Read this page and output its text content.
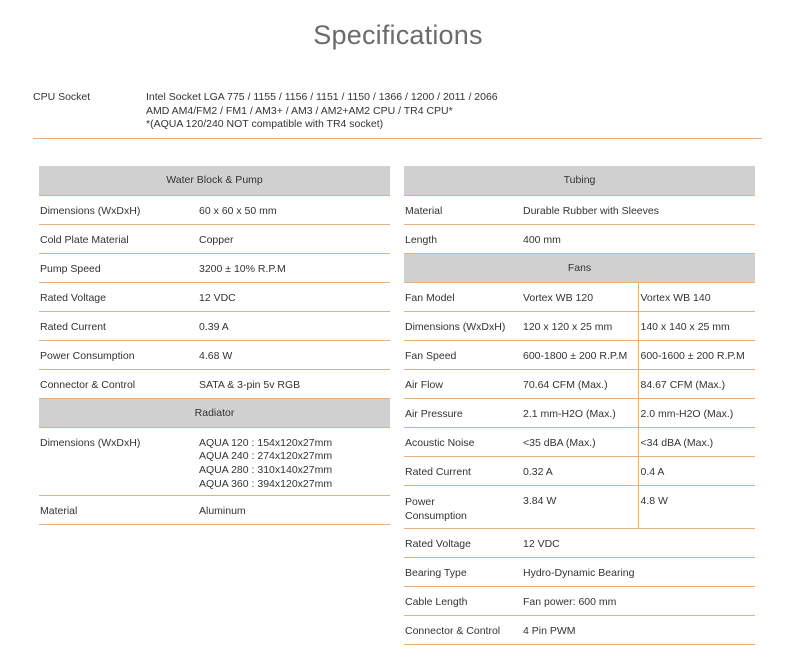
Specifications
CPU Socket	Intel Socket LGA 775 / 1155 / 1156 / 1151 / 1150 / 1366 / 1200 / 2011 / 2066
AMD AM4/FM2 / FM1 / AM3+ / AM3 / AM2+AM2 CPU / TR4 CPU*
*(AQUA 120/240 NOT compatible with TR4 socket)
Water Block & Pump	
Dimensions (WxDxH)	60 x 60 x 50 mm
Cold Plate Material	Copper
Pump Speed	3200 ± 10% R.P.M
Rated Voltage	12 VDC
Rated Current	0.39 A
Power Consumption	4.68 W
Connector & Control	SATA & 3-pin 5v RGB
Radiator	
Dimensions (WxDxH)	AQUA 120 : 154x120x27mm
AQUA 240 : 274x120x27mm
AQUA 280 : 310x140x27mm
AQUA 360 : 394x120x27mm

Material	Aluminum
Tubing		
Material	Durable Rubber with Sleeves	
Length	400 mm	
Fans		
Fan Model	Vortex WB 120	Vortex WB 140
Dimensions (WxDxH)	120 x 120 x 25 mm	140 x 140 x 25 mm
Fan Speed	600-1800 ± 200 R.P.M	600-1600 ± 200 R.P.M
Air Flow	70.64 CFM (Max.)	84.67 CFM (Max.)
Air Pressure	2.1 mm-H2O (Max.)	2.0 mm-H2O (Max.)
Acoustic Noise	<35 dBA (Max.)	<34 dBA (Max.)
Rated Current	0.32 A	0.4 A

Power
Consumption	3.84 W	4.8 W
Rated Voltage	12 VDC	
Bearing Type	Hydro-Dynamic Bearing	
Cable Length	Fan power: 600 mm	
Connector & Control	4 Pin PWM	
